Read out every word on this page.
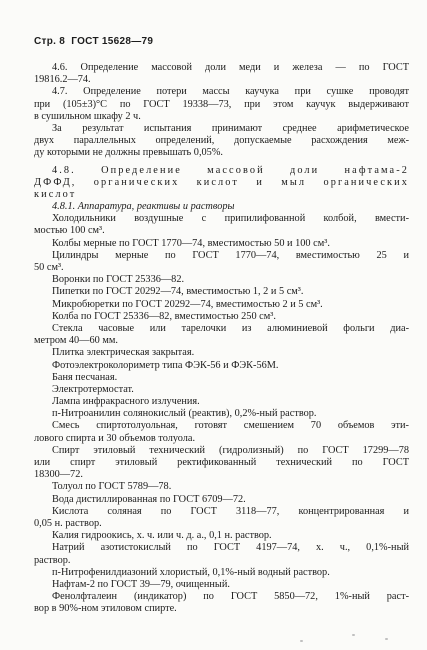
Стр. 8 ГОСТ 15628—79
4.6. Определение массовой доли меди и железа — по ГОСТ
19816.2—74.
4.7. Определение потери массы каучука при сушке проводят
при (105±3)°С по ГОСТ 19338—73, при этом каучук выдерживают
в сушильном шкафу 2 ч.
За результат испытания принимают среднее арифметическое
двух параллельных определений, допускаемые расхождения меж-
ду которыми не должны превышать 0,05%.
4.8. Определение массовой доли нафтама-2
ДФФД, органических кислот и мыл органических
кислот
4.8.1. Аппаратура, реактивы и растворы
Холодильники воздушные с припилифованной колбой, вмести-
мостью 100 см³.
Колбы мерные по ГОСТ 1770—74, вместимостью 50 и 100 см³.
Цилиндры мерные по ГОСТ 1770—74, вместимостью 25 и
50 см³.
Воронки по ГОСТ 25336—82.
Пипетки по ГОСТ 20292—74, вместимостью 1, 2 и 5 см³.
Микробюретки по ГОСТ 20292—74, вместимостью 2 и 5 см³.
Колба по ГОСТ 25336—82, вместимостью 250 см³.
Стекла часовые или тарелочки из алюминиевой фольги диа-
метром 40—60 мм.
Плитка электрическая закрытая.
Фотоэлектроколориметр типа ФЭК-56 и ФЭК-56М.
Баня песчаная.
Электротермостат.
Лампа инфракрасного излучения.
п-Нитроанилин солянокислый (реактив), 0,2%-ный раствор.
Смесь спиртотолуольная, готовят смешением 70 объемов эти-
лового спирта и 30 объемов толуола.
Спирт этиловый технический (гидролизный) по ГОСТ 17299—78
или спирт этиловый ректификованный технический по ГОСТ
18300—72.
Толуол по ГОСТ 5789—78.
Вода дистиллированная по ГОСТ 6709—72.
Кислота соляная по ГОСТ 3118—77, концентрированная и
0,05 н. раствор.
Калия гидроокись, х. ч. или ч. д. а., 0,1 н. раствор.
Натрий азотистокислый по ГОСТ 4197—74, х. ч., 0,1%-ный
раствор.
п-Нитрофенилдиазоний хлористый, 0,1%-ный водный раствор.
Нафтам-2 по ГОСТ 39—79, очищенный.
Фенолфталеин (индикатор) по ГОСТ 5850—72, 1%-ный раст-
вор в 90%-ном этиловом спирте.
